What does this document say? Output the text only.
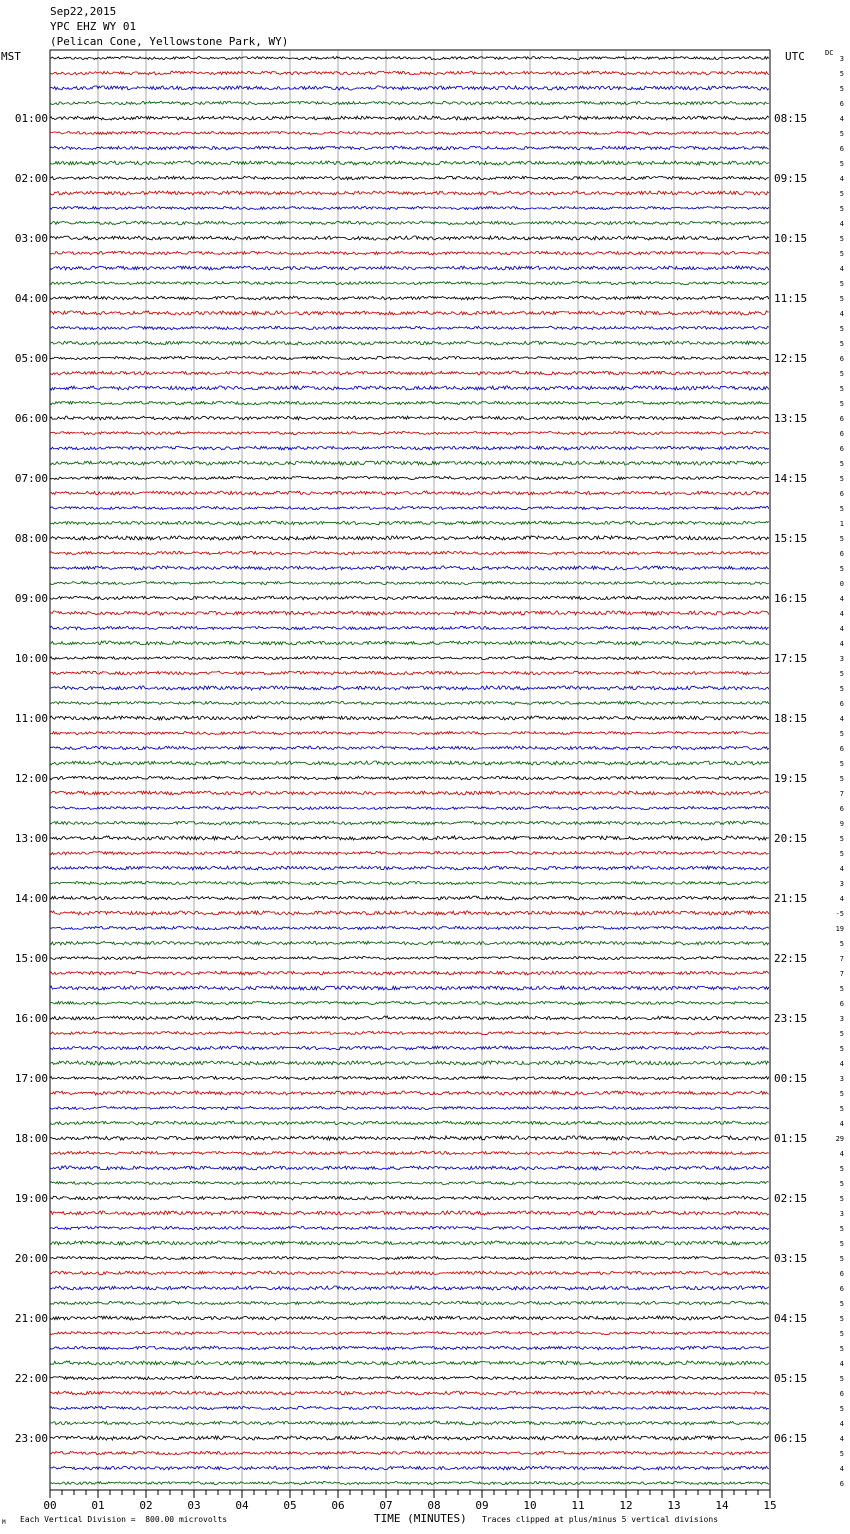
Sep22,2015
YPC EHZ WY 01
(Pelican Cone, Yellowstone Park, WY)
MST	UTC	DC
3
5
5
6
4
5
6
5
4
5
5
4
5
5
4
5
5
4
5
5
6
5
5
5
6
6
6
5
5
6
5
1
5
6
5
0
4
4
4
4
3
5
5
6
4
5
6
5
5
7
6
9
5
5
4
3
4
-5
19
5
7
7
5
6
3
5
5
4
3
5
5
4
29
4
5
5
5
3
5
5
5
6
6
5
5
5
5
4
5
6
5
4
4
5
4
6
01:00
02:00
03:00
04:00
05:00
06:00
07:00
08:00
09:00
10:00
11:00
12:00
13:00
14:00
15:00
16:00
17:00
18:00
19:00
20:00
21:00
22:00
23:00
08:15
09:15
10:15
11:15
12:15
13:15
14:15
15:15
16:15
17:15
18:15
19:15
20:15
21:15
22:15
23:15
00:15
01:15
02:15
03:15
04:15
05:15
06:15
00	01	02	03	04	05	06	07	08	09	10	11	12	13	14	15
M Each Vertical Division =  800.00 microvolts	TIME (MINUTES) Traces clipped at plus/minus 5 vertical divisions
